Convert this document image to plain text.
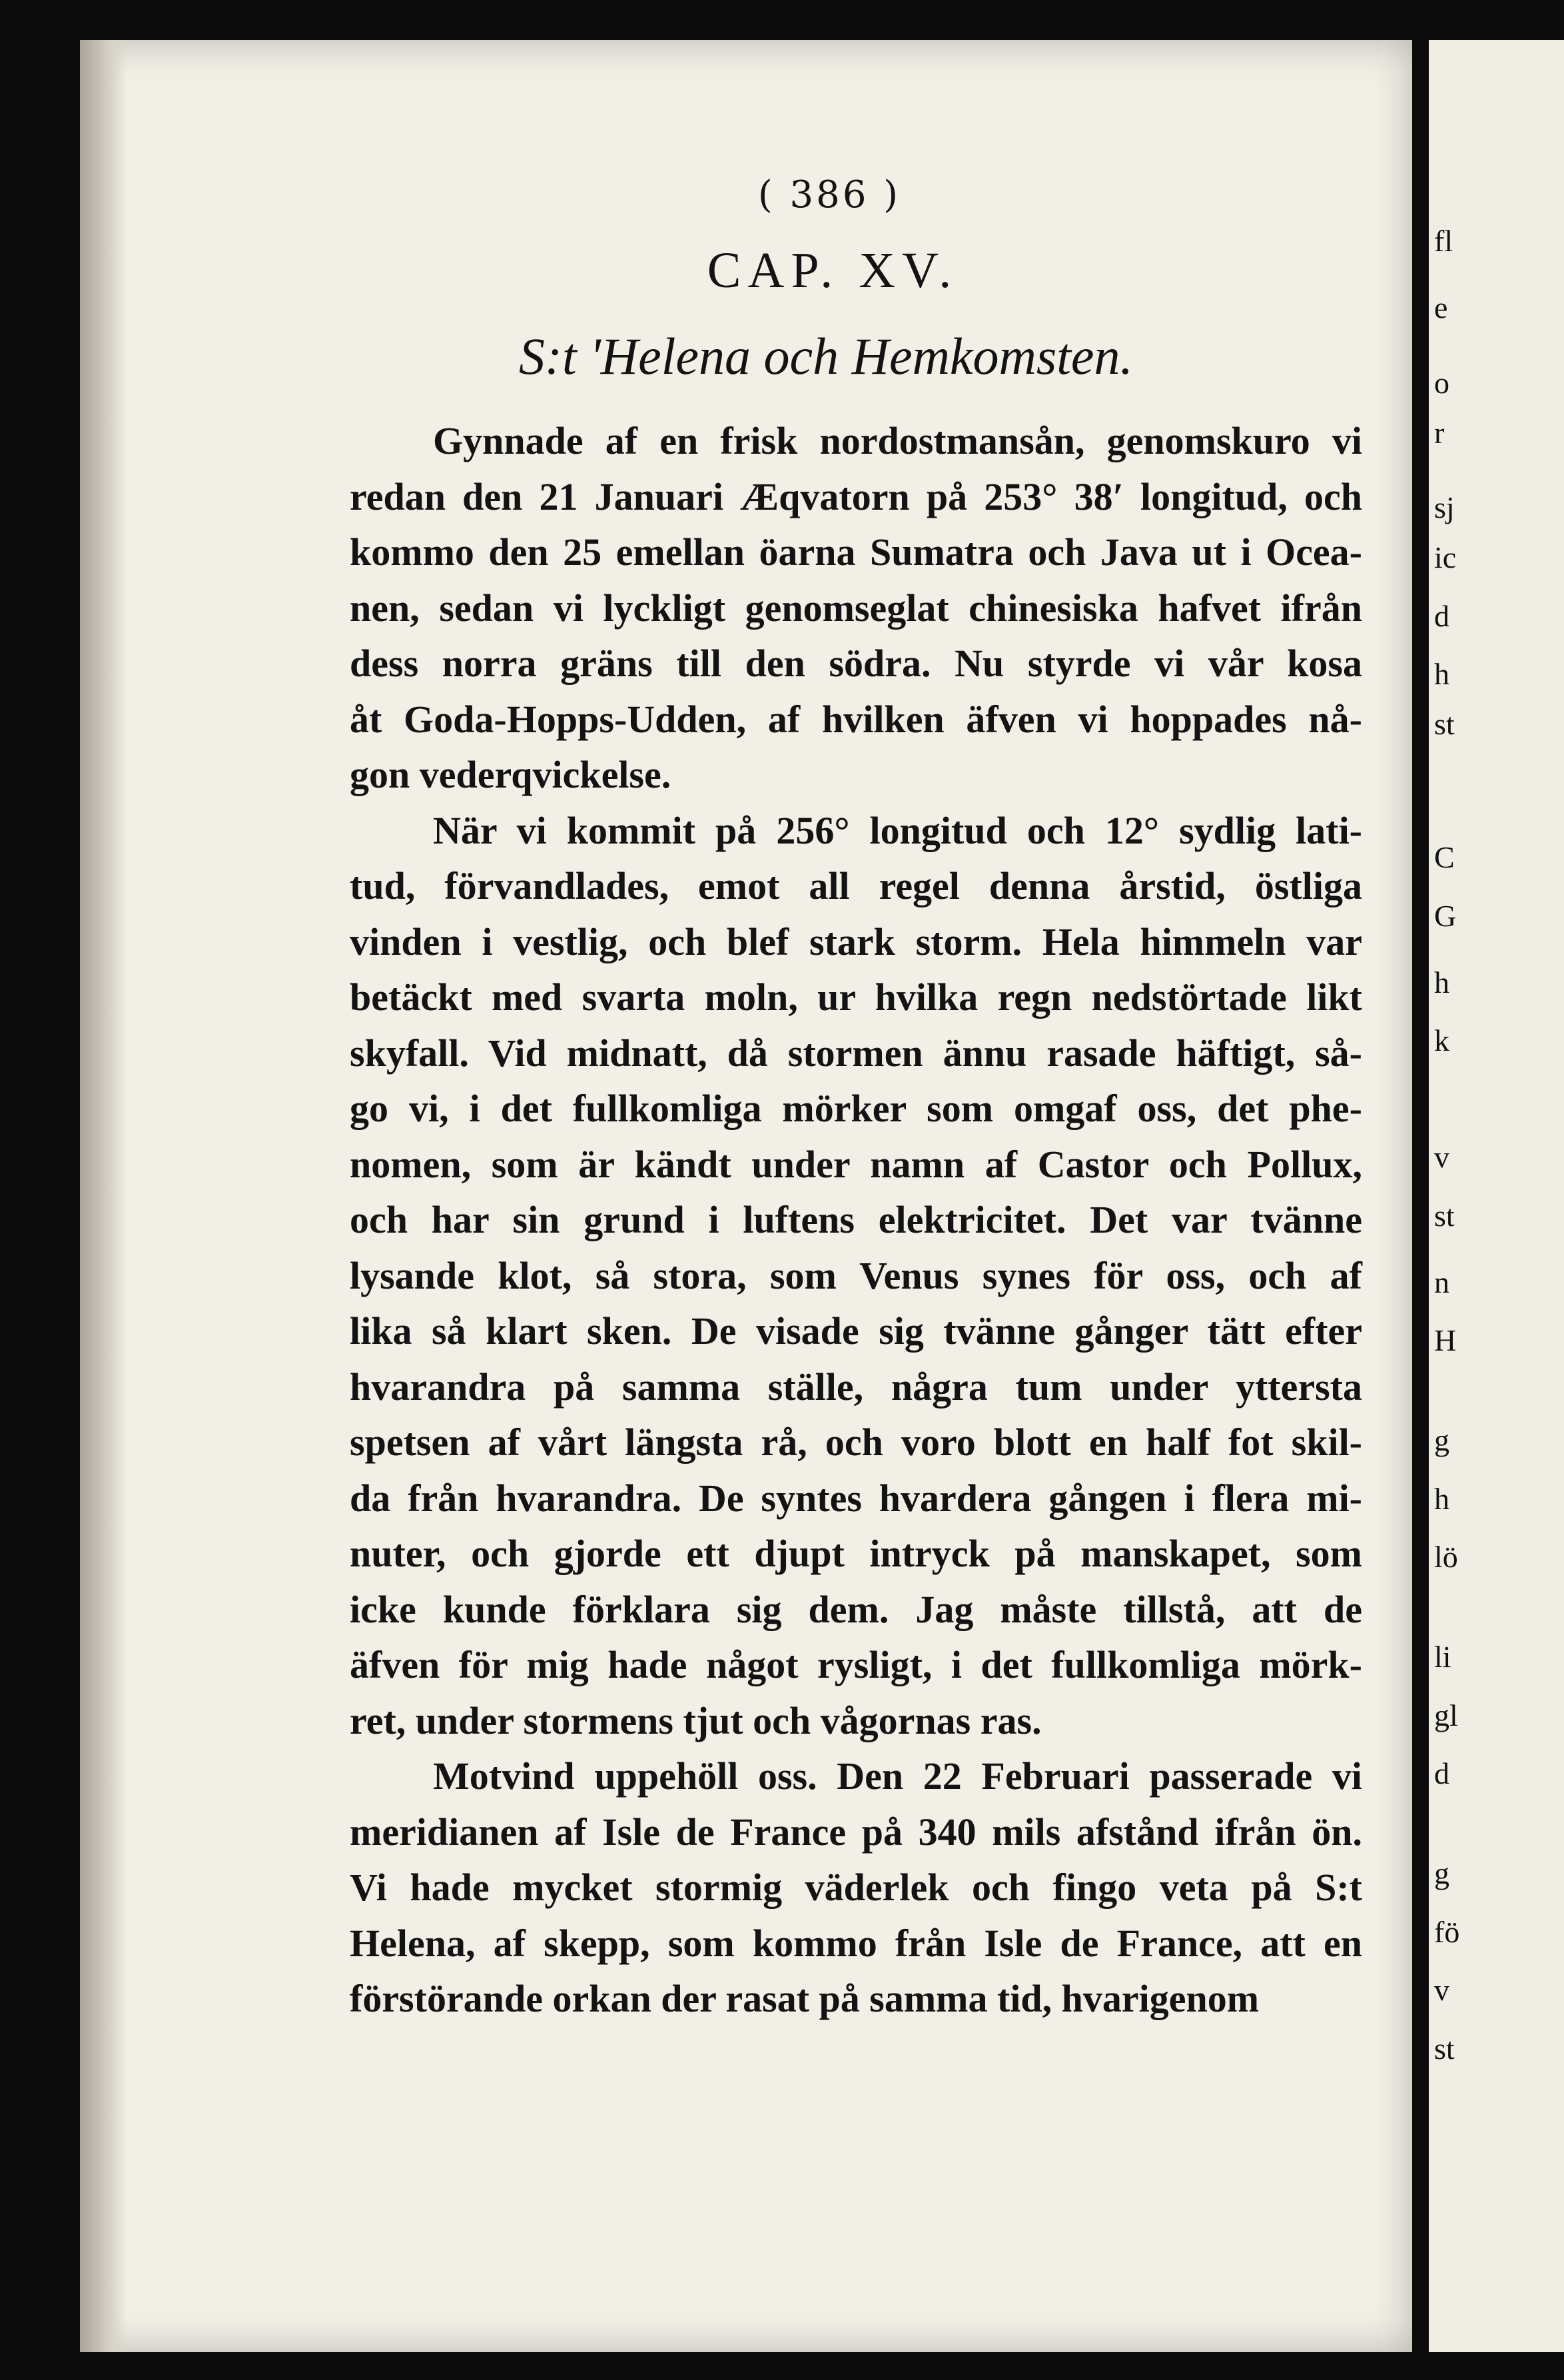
fl
e
o
r
sj
ic
d
h
st
C
G
h
k
v
st
n
H
g
h
lö
li
gl
d
g
fö
v
st
( 386 )
CAP. XV.
S:t 'Helena och Hemkomsten.

Gynnade af en frisk nordostmansån, genomskuro vi
redan den 21 Januari Æqvatorn på 253° 38′ longitud, och
kommo den 25 emellan öarna Sumatra och Java ut i Ocea-
nen, sedan vi lyckligt genomseglat chinesiska hafvet ifrån
dess norra gräns till den södra. Nu styrde vi vår kosa
åt Goda-Hopps-Udden, af hvilken äfven vi hoppades nå-
gon vederqvickelse.

När vi kommit på 256° longitud och 12° sydlig lati-
tud, förvandlades, emot all regel denna årstid, östliga
vinden i vestlig, och blef stark storm. Hela himmeln var
betäckt med svarta moln, ur hvilka regn nedstörtade likt
skyfall. Vid midnatt, då stormen ännu rasade häftigt, så-
go vi, i det fullkomliga mörker som omgaf oss, det phe-
nomen, som är kändt under namn af Castor och Pollux,
och har sin grund i luftens elektricitet. Det var tvänne
lysande klot, så stora, som Venus synes för oss, och af
lika så klart sken. De visade sig tvänne gånger tätt efter
hvarandra på samma ställe, några tum under yttersta
spetsen af vårt längsta rå, och voro blott en half fot skil-
da från hvarandra. De syntes hvardera gången i flera mi-
nuter, och gjorde ett djupt intryck på manskapet, som
icke kunde förklara sig dem. Jag måste tillstå, att de
äfven för mig hade något rysligt, i det fullkomliga mörk-
ret, under stormens tjut och vågornas ras.

Motvind uppehöll oss. Den 22 Februari passerade vi
meridianen af Isle de France på 340 mils afstånd ifrån ön.
Vi hade mycket stormig väderlek och fingo veta på S:t
Helena, af skepp, som kommo från Isle de France, att en
förstörande orkan der rasat på samma tid, hvarigenom
